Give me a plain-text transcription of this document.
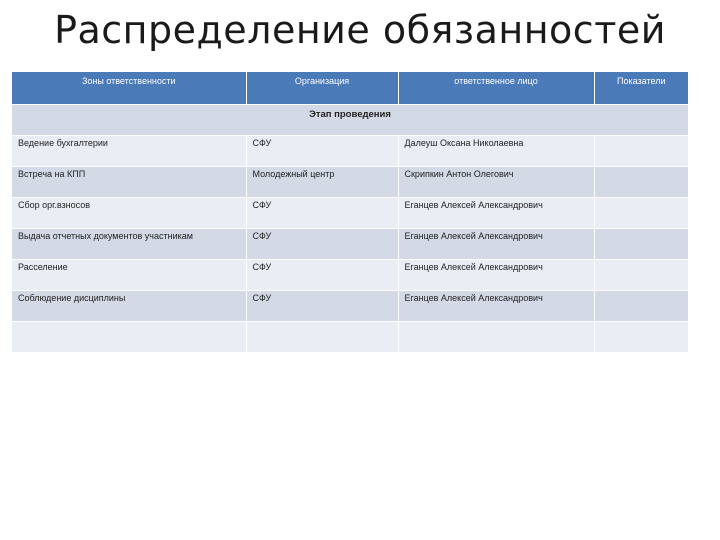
Распределение обязанностей
Зоны ответственности	Организация	ответственное лицо	Показатели
Этап проведения			
Ведение бухгалтерии	СФУ	Далеуш Оксана Николаевна	
Встреча на КПП	Молодежный центр	Скрипкин Антон Олегович	
Сбор орг.взносов	СФУ	Еганцев Алексей Александрович	
Выдача отчетных документов участникам	СФУ	Еганцев Алексей Александрович	
Расселение	СФУ	Еганцев Алексей Александрович	
Соблюдение дисциплины	СФУ	Еганцев Алексей Александрович	
